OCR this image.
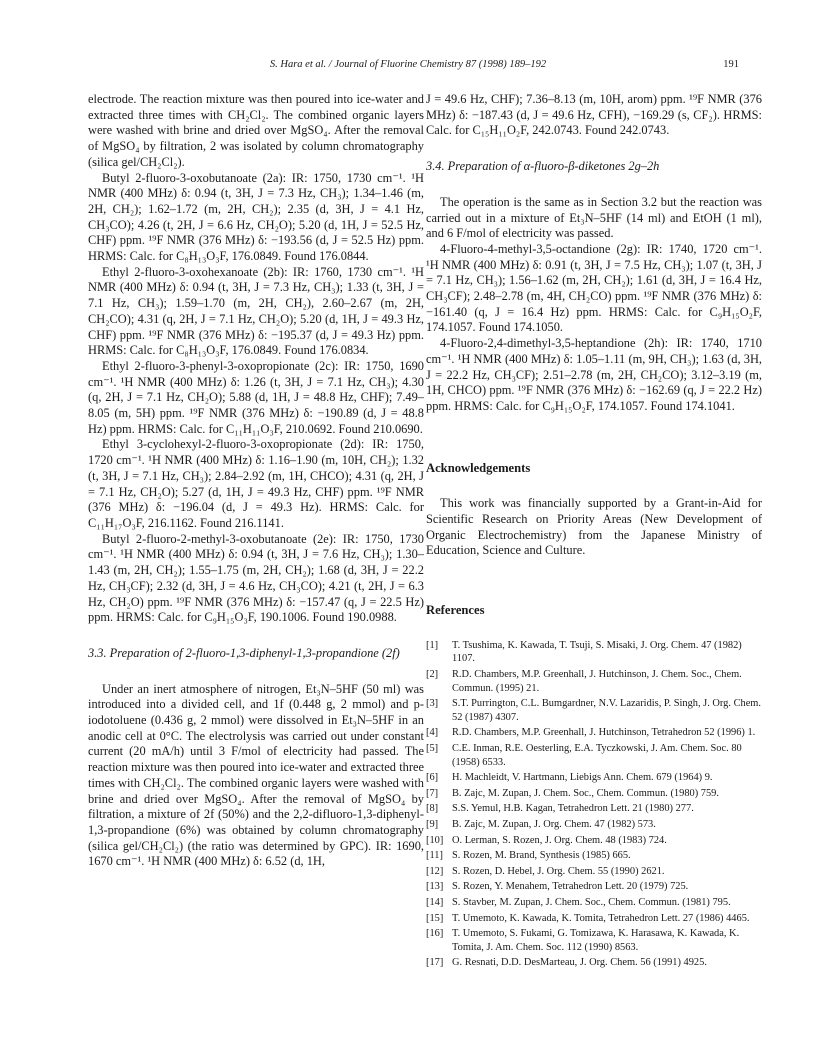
S. Hara et al. / Journal of Fluorine Chemistry 87 (1998) 189–192	191

electrode. The reaction mixture was then poured into ice-water and extracted three times with CH₂Cl₂. The combined organic layers were washed with brine and dried over MgSO₄. After the removal of MgSO₄ by filtration, 2 was isolated by column chromatography (silica gel/CH₂Cl₂).

Butyl 2-fluoro-3-oxobutanoate (2a): IR: 1750, 1730 cm⁻¹. ¹H NMR (400 MHz) δ: 0.94 (t, 3H, J = 7.3 Hz, CH₃); 1.34–1.46 (m, 2H, CH₂); 1.62–1.72 (m, 2H, CH₂); 2.35 (d, 3H, J = 4.1 Hz, CH₃CO); 4.26 (t, 2H, J = 6.6 Hz, CH₂O); 5.20 (d, 1H, J = 52.5 Hz, CHF) ppm. ¹⁹F NMR (376 MHz) δ: −193.56 (d, J = 52.5 Hz) ppm. HRMS: Calc. for C₈H₁₃O₃F, 176.0849. Found 176.0844.

Ethyl 2-fluoro-3-oxohexanoate (2b): IR: 1760, 1730 cm⁻¹. ¹H NMR (400 MHz) δ: 0.94 (t, 3H, J = 7.3 Hz, CH₃); 1.33 (t, 3H, J = 7.1 Hz, CH₃); 1.59–1.70 (m, 2H, CH₂), 2.60–2.67 (m, 2H, CH₂CO); 4.31 (q, 2H, J = 7.1 Hz, CH₂O); 5.20 (d, 1H, J = 49.3 Hz, CHF) ppm. ¹⁹F NMR (376 MHz) δ: −195.37 (d, J = 49.3 Hz) ppm. HRMS: Calc. for C₈H₁₃O₃F, 176.0849. Found 176.0834.

Ethyl 2-fluoro-3-phenyl-3-oxopropionate (2c): IR: 1750, 1690 cm⁻¹. ¹H NMR (400 MHz) δ: 1.26 (t, 3H, J = 7.1 Hz, CH₃); 4.30 (q, 2H, J = 7.1 Hz, CH₂O); 5.88 (d, 1H, J = 48.8 Hz, CHF); 7.49–8.05 (m, 5H) ppm. ¹⁹F NMR (376 MHz) δ: −190.89 (d, J = 48.8 Hz) ppm. HRMS: Calc. for C₁₁H₁₁O₃F, 210.0692. Found 210.0690.

Ethyl 3-cyclohexyl-2-fluoro-3-oxopropionate (2d): IR: 1750, 1720 cm⁻¹. ¹H NMR (400 MHz) δ: 1.16–1.90 (m, 10H, CH₂); 1.32 (t, 3H, J = 7.1 Hz, CH₃); 2.84–2.92 (m, 1H, CHCO); 4.31 (q, 2H, J = 7.1 Hz, CH₂O); 5.27 (d, 1H, J = 49.3 Hz, CHF) ppm. ¹⁹F NMR (376 MHz) δ: −196.04 (d, J = 49.3 Hz). HRMS: Calc. for C₁₁H₁₇O₃F, 216.1162. Found 216.1141.

Butyl 2-fluoro-2-methyl-3-oxobutanoate (2e): IR: 1750, 1730 cm⁻¹. ¹H NMR (400 MHz) δ: 0.94 (t, 3H, J = 7.6 Hz, CH₃); 1.30–1.43 (m, 2H, CH₂); 1.55–1.75 (m, 2H, CH₂); 1.68 (d, 3H, J = 22.2 Hz, CH₃CF); 2.32 (d, 3H, J = 4.6 Hz, CH₃CO); 4.21 (t, 2H, J = 6.3 Hz, CH₂O) ppm. ¹⁹F NMR (376 MHz) δ: −157.47 (q, J = 22.5 Hz) ppm. HRMS: Calc. for C₉H₁₅O₃F, 190.1006. Found 190.0988.

3.3. Preparation of 2-fluoro-1,3-diphenyl-1,3-propandione (2f)

Under an inert atmosphere of nitrogen, Et₃N–5HF (50 ml) was introduced into a divided cell, and 1f (0.448 g, 2 mmol) and p-iodotoluene (0.436 g, 2 mmol) were dissolved in Et₃N–5HF in an anodic cell at 0°C. The electrolysis was carried out under constant current (20 mA/h) until 3 F/mol of electricity had passed. The reaction mixture was then poured into ice-water and extracted three times with CH₂Cl₂. The combined organic layers were washed with brine and dried over MgSO₄. After the removal of MgSO₄ by filtration, a mixture of 2f (50%) and the 2,2-difluoro-1,3-diphenyl-1,3-propandione (6%) was obtained by column chromatography (silica gel/CH₂Cl₂) (the ratio was determined by GPC). IR: 1690, 1670 cm⁻¹. ¹H NMR (400 MHz) δ: 6.52 (d, 1H,

J = 49.6 Hz, CHF); 7.36–8.13 (m, 10H, arom) ppm. ¹⁹F NMR (376 MHz) δ: −187.43 (d, J = 49.6 Hz, CFH), −169.29 (s, CF₂). HRMS: Calc. for C₁₅H₁₁O₂F, 242.0743. Found 242.0743.

3.4. Preparation of α-fluoro-β-diketones 2g–2h

The operation is the same as in Section 3.2 but the reaction was carried out in a mixture of Et₃N–5HF (14 ml) and EtOH (1 ml), and 6 F/mol of electricity was passed.

4-Fluoro-4-methyl-3,5-octandione (2g): IR: 1740, 1720 cm⁻¹. ¹H NMR (400 MHz) δ: 0.91 (t, 3H, J = 7.5 Hz, CH₃); 1.07 (t, 3H, J = 7.1 Hz, CH₃); 1.56–1.62 (m, 2H, CH₂); 1.61 (d, 3H, J = 16.4 Hz, CH₃CF); 2.48–2.78 (m, 4H, CH₂CO) ppm. ¹⁹F NMR (376 MHz) δ: −161.40 (q, J = 16.4 Hz) ppm. HRMS: Calc. for C₉H₁₅O₂F, 174.1057. Found 174.1050.

4-Fluoro-2,4-dimethyl-3,5-heptandione (2h): IR: 1740, 1710 cm⁻¹. ¹H NMR (400 MHz) δ: 1.05–1.11 (m, 9H, CH₃); 1.63 (d, 3H, J = 22.2 Hz, CH₃CF); 2.51–2.78 (m, 2H, CH₂CO); 3.12–3.19 (m, 1H, CHCO) ppm. ¹⁹F NMR (376 MHz) δ: −162.69 (q, J = 22.2 Hz) ppm. HRMS: Calc. for C₉H₁₅O₂F, 174.1057. Found 174.1041.

Acknowledgements

This work was financially supported by a Grant-in-Aid for Scientific Research on Priority Areas (New Development of Organic Electrochemistry) from the Japanese Ministry of Education, Science and Culture.

References
[1]	T. Tsushima, K. Kawada, T. Tsuji, S. Misaki, J. Org. Chem. 47 (1982) 1107.
[2]	R.D. Chambers, M.P. Greenhall, J. Hutchinson, J. Chem. Soc., Chem. Commun. (1995) 21.
[3]	S.T. Purrington, C.L. Bumgardner, N.V. Lazaridis, P. Singh, J. Org. Chem. 52 (1987) 4307.
[4]	R.D. Chambers, M.P. Greenhall, J. Hutchinson, Tetrahedron 52 (1996) 1.
[5]	C.E. Inman, R.E. Oesterling, E.A. Tyczkowski, J. Am. Chem. Soc. 80 (1958) 6533.
[6]	H. Machleidt, V. Hartmann, Liebigs Ann. Chem. 679 (1964) 9.
[7]	B. Zajc, M. Zupan, J. Chem. Soc., Chem. Commun. (1980) 759.
[8]	S.S. Yemul, H.B. Kagan, Tetrahedron Lett. 21 (1980) 277.
[9]	B. Zajc, M. Zupan, J. Org. Chem. 47 (1982) 573.
[10] O. Lerman, S. Rozen, J. Org. Chem. 48 (1983) 724.
[11] S. Rozen, M. Brand, Synthesis (1985) 665.
[12] S. Rozen, D. Hebel, J. Org. Chem. 55 (1990) 2621.
[13] S. Rozen, Y. Menahem, Tetrahedron Lett. 20 (1979) 725.
[14] S. Stavber, M. Zupan, J. Chem. Soc., Chem. Commun. (1981) 795.
[15] T. Umemoto, K. Kawada, K. Tomita, Tetrahedron Lett. 27 (1986) 4465.
[16] T. Umemoto, S. Fukami, G. Tomizawa, K. Harasawa, K. Kawada, K. Tomita, J. Am. Chem. Soc. 112 (1990) 8563.
[17] G. Resnati, D.D. DesMarteau, J. Org. Chem. 56 (1991) 4925.
